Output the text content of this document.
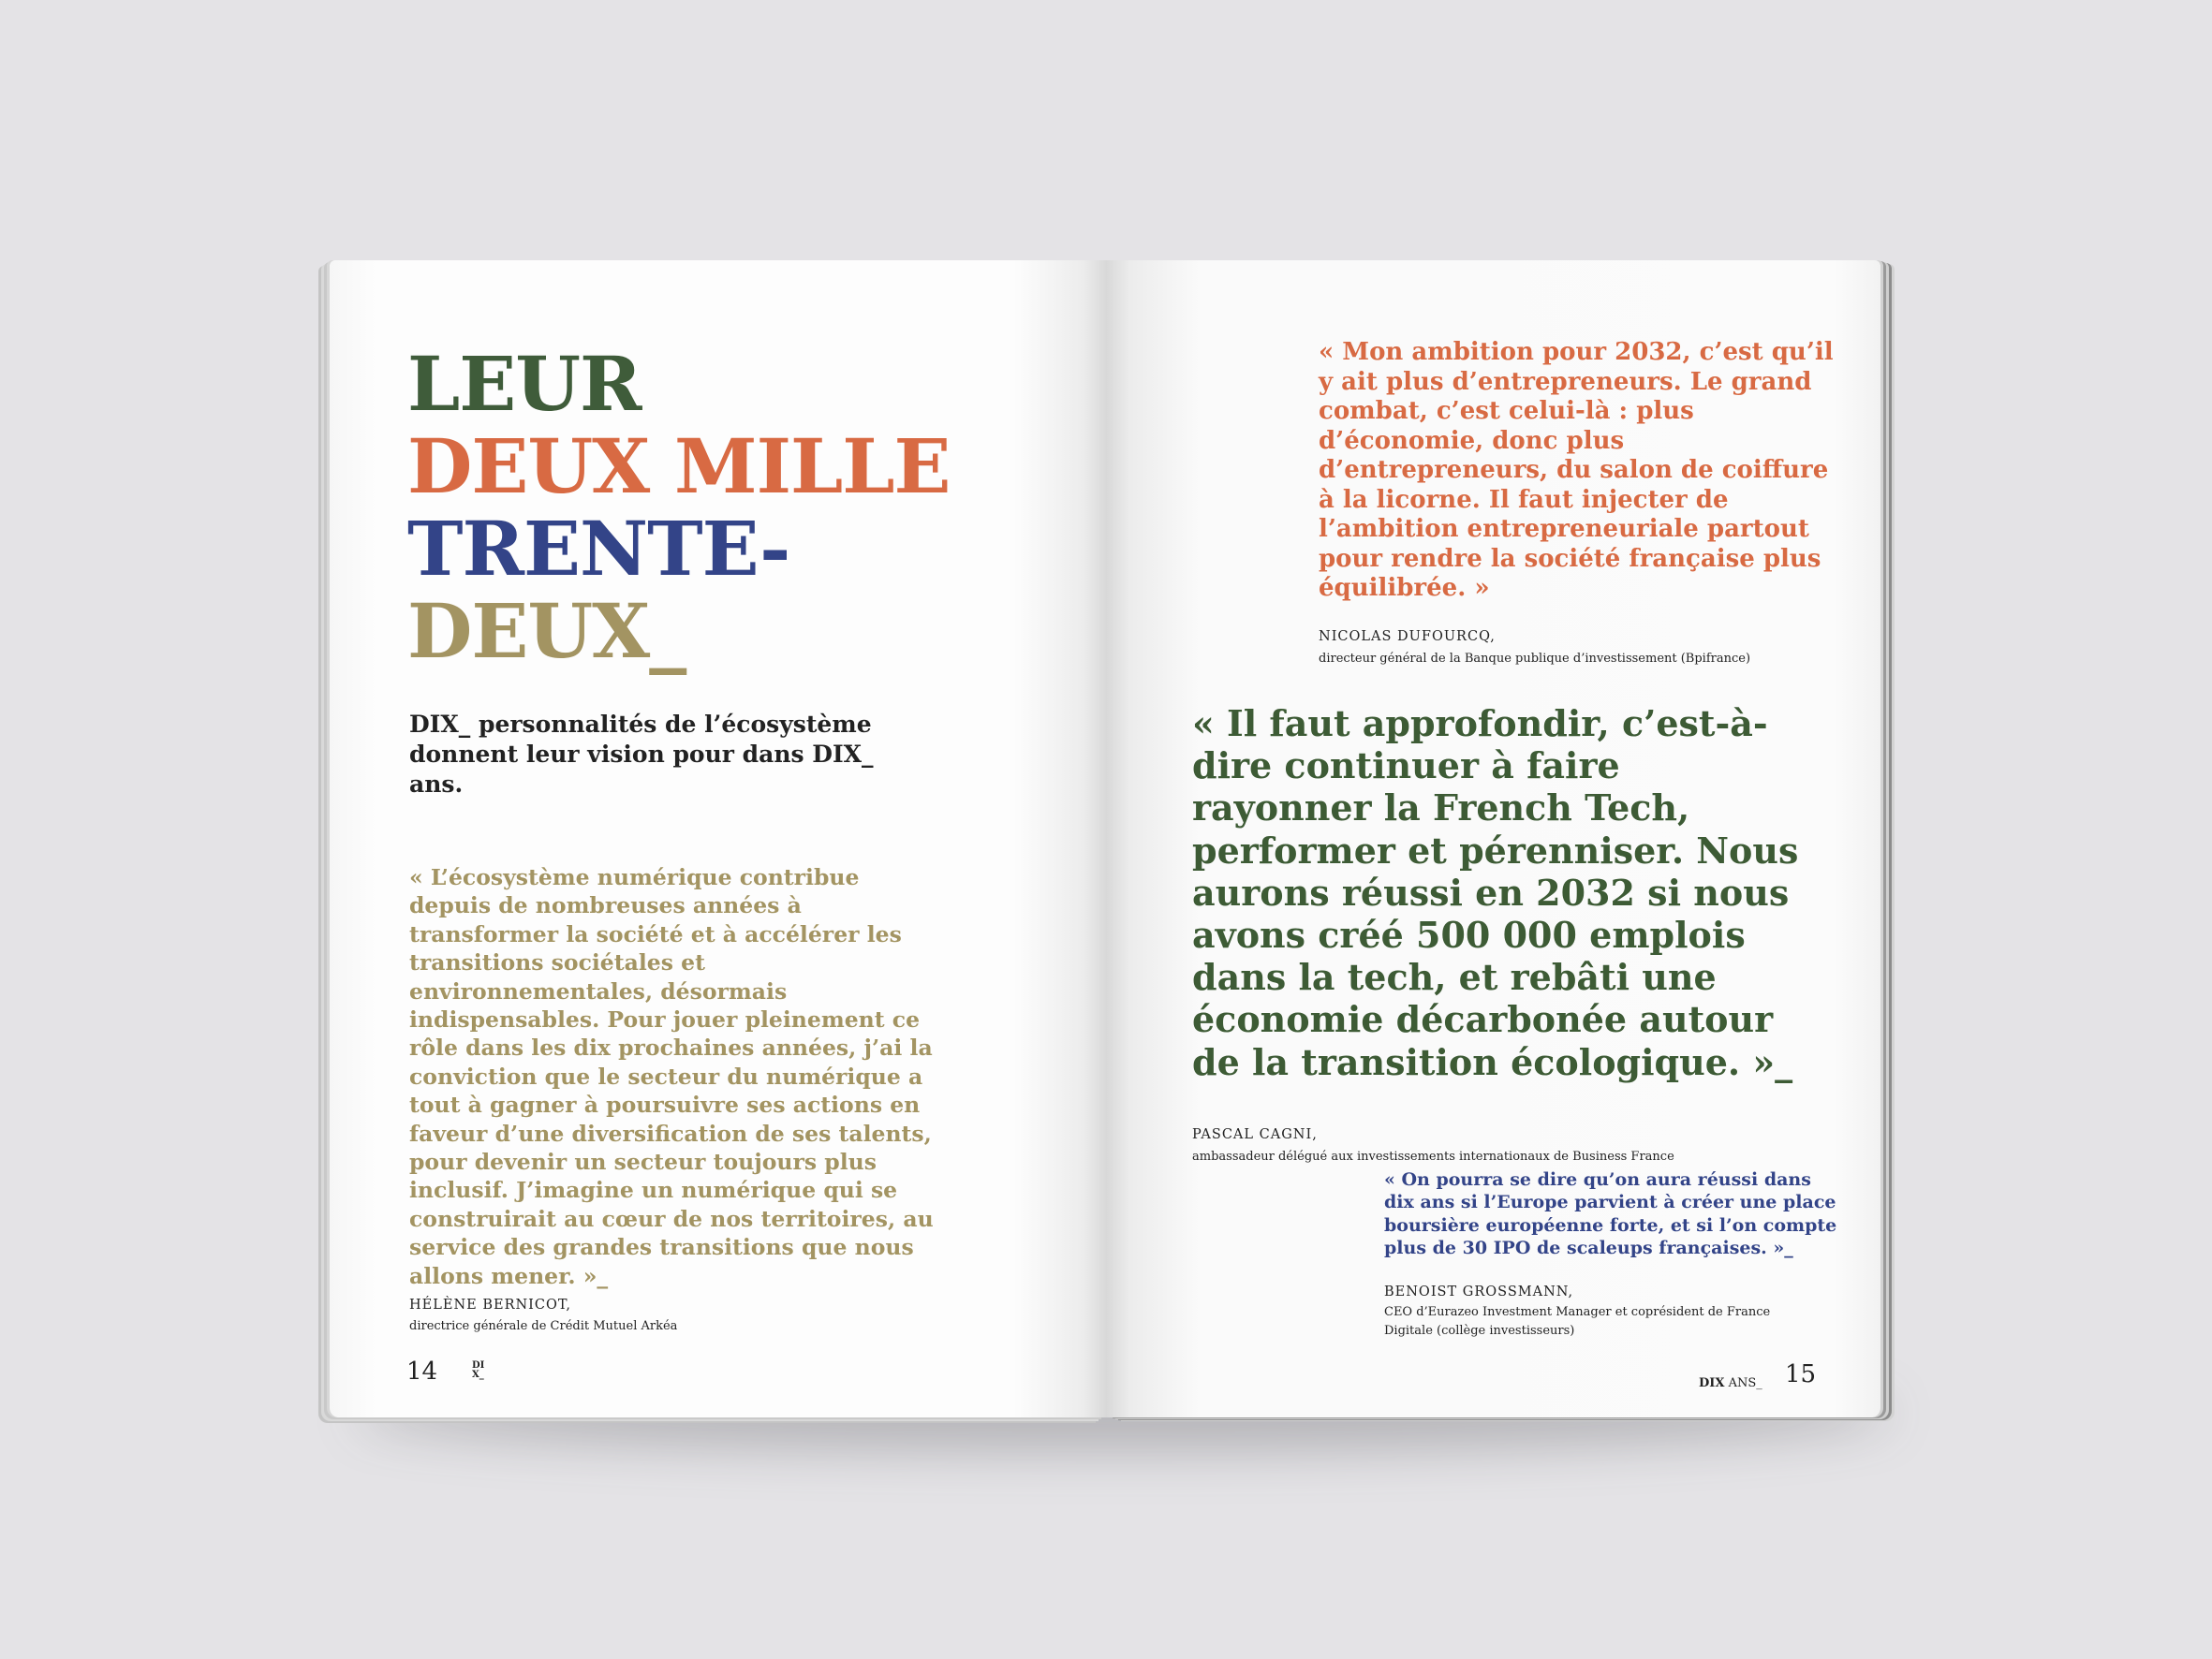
LEUR
DEUX MILLE
TRENTE-
DEUX_
DIX_ personnalités de l’écosystème donnent leur vision pour dans DIX_ ans.
« L’écosystème numérique contribue depuis de nombreuses années à transformer la société et à accélérer les transitions sociétales et environnementales, désormais indispensables. Pour jouer pleinement ce rôle dans les dix prochaines années, j’ai la conviction que le secteur du numérique a tout à gagner à poursuivre ses actions en faveur d’une diversification de ses talents, pour devenir un secteur toujours plus inclusif. J’imagine un numérique qui se construirait au cœur de nos territoires, au service des grandes transitions que nous allons mener. »_
HÉLÈNE BERNICOT,
directrice générale de Crédit Mutuel Arkéa
14	DIX_
« Mon ambition pour 2032, c’est qu’il y ait plus d’entrepreneurs. Le grand combat, c’est celui-là : plus d’économie, donc plus d’entrepreneurs, du salon de coiffure à la licorne. Il faut injecter de l’ambition entrepreneuriale partout pour rendre la société française plus équilibrée. »
NICOLAS DUFOURCQ,
directeur général de la Banque publique d’investissement (Bpifrance)
« Il faut approfondir, c’est-à-dire continuer à faire rayonner la French Tech, performer et pérenniser. Nous aurons réussi en 2032 si nous avons créé 500 000 emplois dans la tech, et rebâti une économie décarbonée autour de la transition écologique. »_
PASCAL CAGNI,
ambassadeur délégué aux investissements internationaux de Business France
« On pourra se dire qu’on aura réussi dans dix ans si l’Europe parvient à créer une place boursière européenne forte, et si l’on compte plus de 30 IPO de scaleups françaises. »_
BENOIST GROSSMANN,
CEO d’Eurazeo Investment Manager et coprésident de France Digitale (collège investisseurs)
DIX ANS_ 15
